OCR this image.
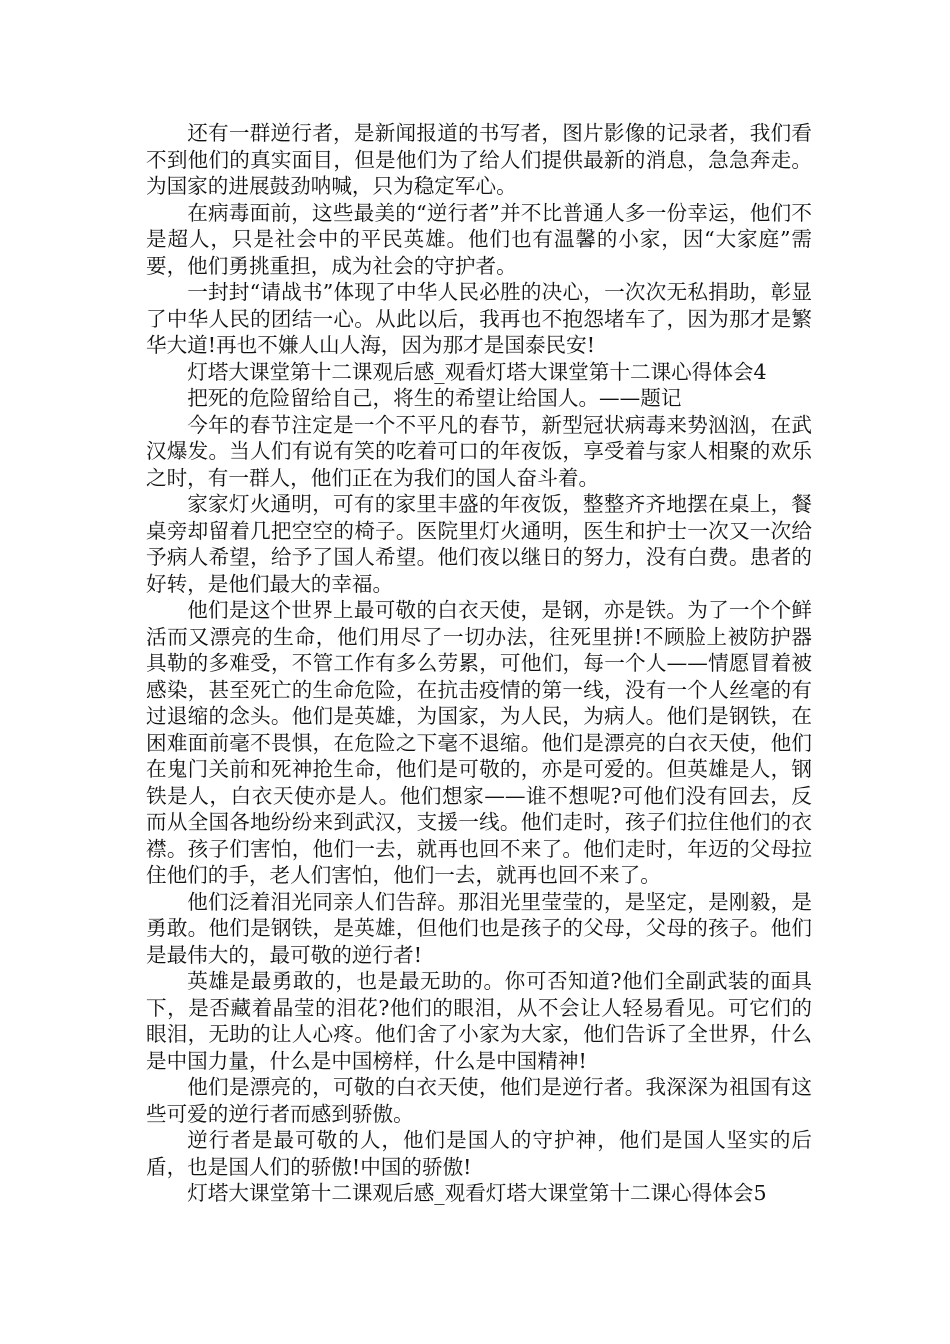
还有一群逆行者，是新闻报道的书写者，图片影像的记录者，我们看不到他们的真实面目，但是他们为了给人们提供最新的消息，急急奔走。为国家的进展鼓劲呐喊，只为稳定军心。

在病毒面前，这些最美的“逆行者”并不比普通人多一份幸运，他们不是超人，只是社会中的平民英雄。他们也有温馨的小家，因“大家庭”需要，他们勇挑重担，成为社会的守护者。

一封封“请战书”体现了中华人民必胜的决心，一次次无私捐助，彰显了中华人民的团结一心。从此以后，我再也不抱怨堵车了，因为那才是繁华大道!再也不嫌人山人海，因为那才是国泰民安!

灯塔大课堂第十二课观后感_观看灯塔大课堂第十二课心得体会4

把死的危险留给自己，将生的希望让给国人。——题记

今年的春节注定是一个不平凡的春节，新型冠状病毒来势汹汹，在武汉爆发。当人们有说有笑的吃着可口的年夜饭，享受着与家人相聚的欢乐之时，有一群人，他们正在为我们的国人奋斗着。

家家灯火通明，可有的家里丰盛的年夜饭，整整齐齐地摆在桌上，餐桌旁却留着几把空空的椅子。医院里灯火通明，医生和护士一次又一次给予病人希望，给予了国人希望。他们夜以继日的努力，没有白费。患者的好转，是他们最大的幸福。

他们是这个世界上最可敬的白衣天使，是钢，亦是铁。为了一个个鲜活而又漂亮的生命，他们用尽了一切办法，往死里拼!不顾脸上被防护器具勒的多难受，不管工作有多么劳累，可他们，每一个人——情愿冒着被感染，甚至死亡的生命危险，在抗击疫情的第一线，没有一个人丝毫的有过退缩的念头。他们是英雄，为国家，为人民，为病人。他们是钢铁，在困难面前毫不畏惧，在危险之下毫不退缩。他们是漂亮的白衣天使，他们在鬼门关前和死神抢生命，他们是可敬的，亦是可爱的。但英雄是人，钢铁是人，白衣天使亦是人。他们想家——谁不想呢?可他们没有回去，反而从全国各地纷纷来到武汉，支援一线。他们走时，孩子们拉住他们的衣襟。孩子们害怕，他们一去，就再也回不来了。他们走时，年迈的父母拉住他们的手，老人们害怕，他们一去，就再也回不来了。

他们泛着泪光同亲人们告辞。那泪光里莹莹的，是坚定，是刚毅，是勇敢。他们是钢铁，是英雄，但他们也是孩子的父母，父母的孩子。他们是最伟大的，最可敬的逆行者!

英雄是最勇敢的，也是最无助的。你可否知道?他们全副武装的面具下，是否藏着晶莹的泪花?他们的眼泪，从不会让人轻易看见。可它们的眼泪，无助的让人心疼。他们舍了小家为大家，他们告诉了全世界，什么是中国力量，什么是中国榜样，什么是中国精神!

他们是漂亮的，可敬的白衣天使，他们是逆行者。我深深为祖国有这些可爱的逆行者而感到骄傲。

逆行者是最可敬的人，他们是国人的守护神，他们是国人坚实的后盾，也是国人们的骄傲!中国的骄傲!

灯塔大课堂第十二课观后感_观看灯塔大课堂第十二课心得体会5
